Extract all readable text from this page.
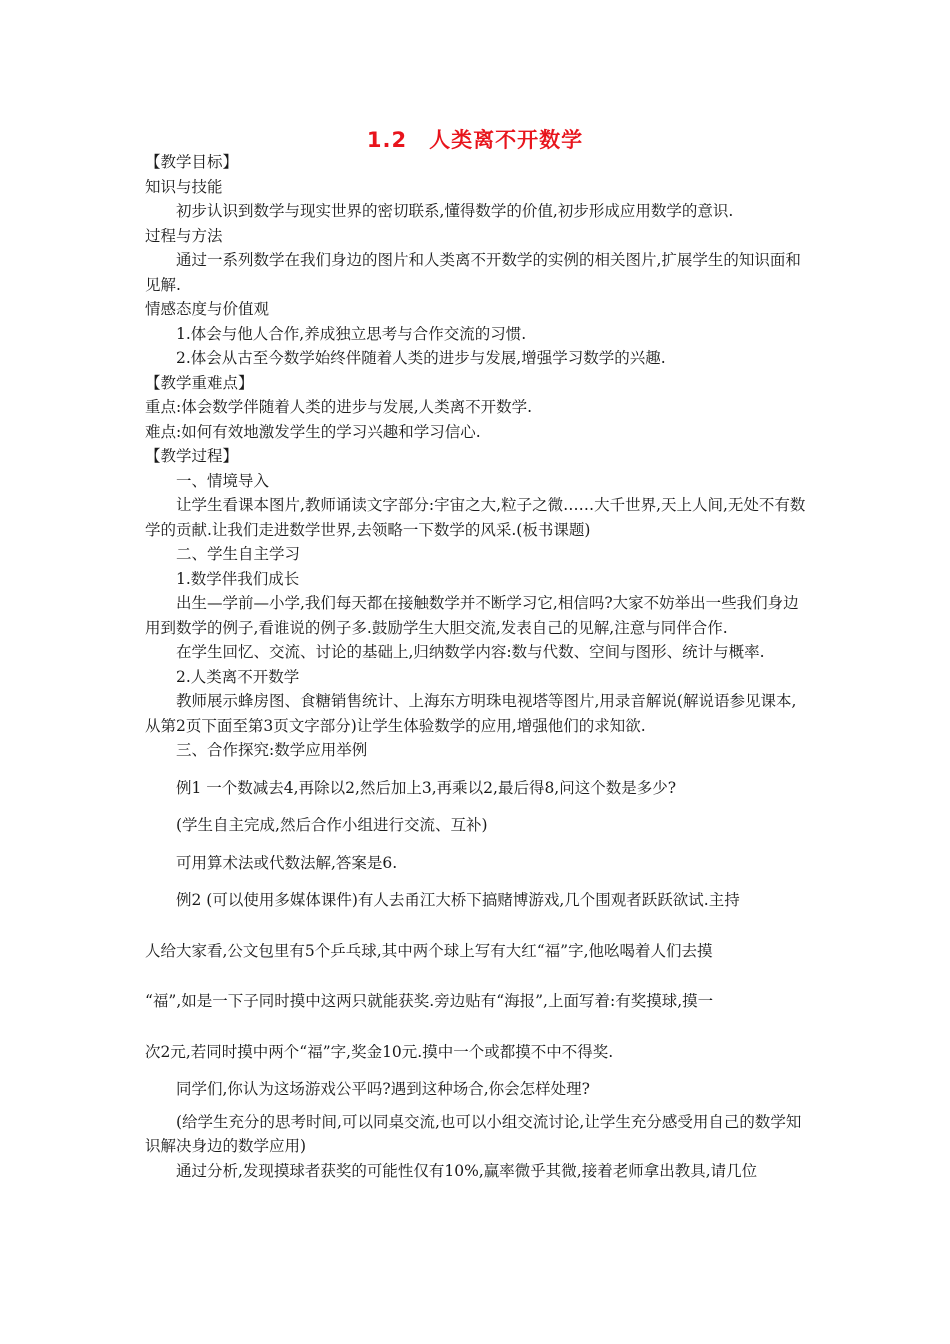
1.2　人类离不开数学

【教学目标】

知识与技能

初步认识到数学与现实世界的密切联系,懂得数学的价值,初步形成应用数学的意识.

过程与方法

通过一系列数学在我们身边的图片和人类离不开数学的实例的相关图片,扩展学生的知识面和见解.

情感态度与价值观

1.体会与他人合作,养成独立思考与合作交流的习惯.

2.体会从古至今数学始终伴随着人类的进步与发展,增强学习数学的兴趣.

【教学重难点】

重点:体会数学伴随着人类的进步与发展,人类离不开数学.

难点:如何有效地激发学生的学习兴趣和学习信心.

【教学过程】

一、情境导入

让学生看课本图片,教师诵读文字部分:宇宙之大,粒子之微……大千世界,天上人间,无处不有数学的贡献.让我们走进数学世界,去领略一下数学的风采.(板书课题)

二、学生自主学习

1.数学伴我们成长

出生—学前—小学,我们每天都在接触数学并不断学习它,相信吗?大家不妨举出一些我们身边用到数学的例子,看谁说的例子多.鼓励学生大胆交流,发表自己的见解,注意与同伴合作.

在学生回忆、交流、讨论的基础上,归纳数学内容:数与代数、空间与图形、统计与概率.

2.人类离不开数学

教师展示蜂房图、食糖销售统计、上海东方明珠电视塔等图片,用录音解说(解说语参见课本,从第2页下面至第3页文字部分)让学生体验数学的应用,增强他们的求知欲.

三、合作探究:数学应用举例

例1 一个数减去4,再除以2,然后加上3,再乘以2,最后得8,问这个数是多少?

(学生自主完成,然后合作小组进行交流、互补)

可用算术法或代数法解,答案是6.

例2 (可以使用多媒体课件)有人去甬江大桥下搞赌博游戏,几个围观者跃跃欲试.主持

人给大家看,公文包里有5个乒乓球,其中两个球上写有大红“福”字,他吆喝着人们去摸

“福”,如是一下子同时摸中这两只就能获奖.旁边贴有“海报”,上面写着:有奖摸球,摸一

次2元,若同时摸中两个“福”字,奖金10元.摸中一个或都摸不中不得奖.

同学们,你认为这场游戏公平吗?遇到这种场合,你会怎样处理?

(给学生充分的思考时间,可以同桌交流,也可以小组交流讨论,让学生充分感受用自己的数学知识解决身边的数学应用)

通过分析,发现摸球者获奖的可能性仅有10%,赢率微乎其微,接着老师拿出教具,请几位
